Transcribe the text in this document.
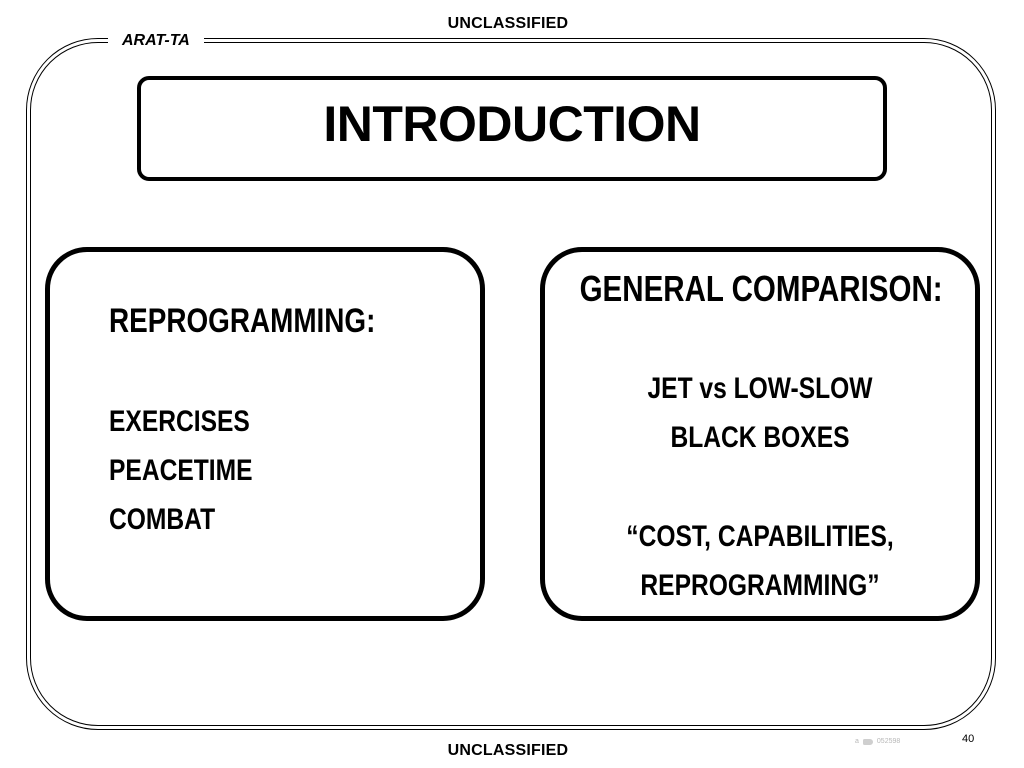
UNCLASSIFIED
ARAT-TA
INTRODUCTION
REPROGRAMMING:
EXERCISES
PEACETIME
COMBAT
GENERAL COMPARISON:
JET vs LOW-SLOW
BLACK BOXES
“COST, CAPABILITIES,
REPROGRAMMING”
a	052598	40
UNCLASSIFIED
